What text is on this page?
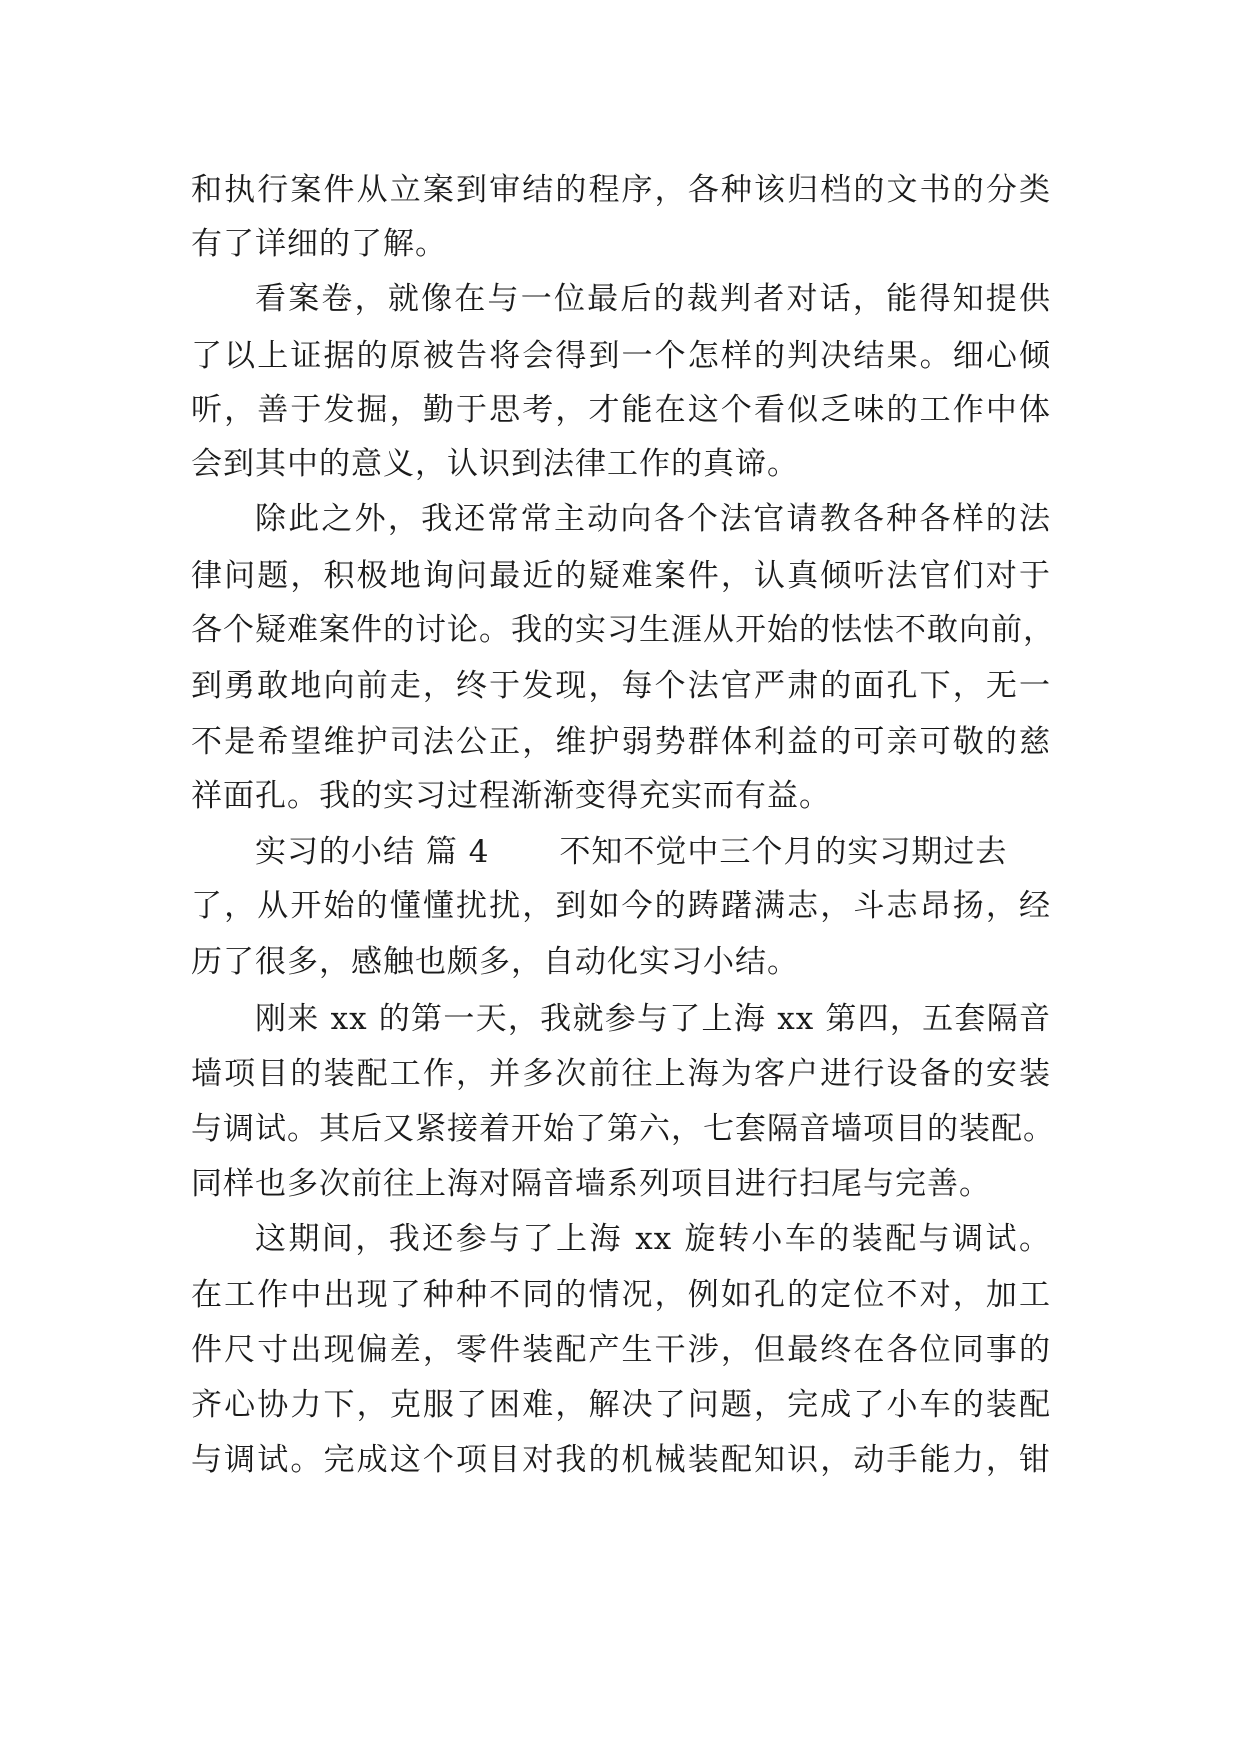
和执行案件从立案到审结的程序，各种该归档的文书的分类
有了详细的了解。
看案卷，就像在与一位最后的裁判者对话，能得知提供
了以上证据的原被告将会得到一个怎样的判决结果。细心倾
听，善于发掘，勤于思考，才能在这个看似乏味的工作中体
会到其中的意义，认识到法律工作的真谛。
除此之外，我还常常主动向各个法官请教各种各样的法
律问题，积极地询问最近的疑难案件，认真倾听法官们对于
各个疑难案件的讨论。我的实习生涯从开始的怯怯不敢向前，
到勇敢地向前走，终于发现，每个法官严肃的面孔下，无一
不是希望维护司法公正，维护弱势群体利益的可亲可敬的慈
祥面孔。我的实习过程渐渐变得充实而有益。
实习的小结 篇 4 不知不觉中三个月的实习期过去
了，从开始的懂懂扰扰，到如今的踌躇满志，斗志昂扬，经
历了很多，感触也颇多，自动化实习小结。
刚来 xx 的第一天，我就参与了上海 xx 第四，五套隔音
墙项目的装配工作，并多次前往上海为客户进行设备的安装
与调试。其后又紧接着开始了第六，七套隔音墙项目的装配。
同样也多次前往上海对隔音墙系列项目进行扫尾与完善。
这期间，我还参与了上海 xx 旋转小车的装配与调试。
在工作中出现了种种不同的情况，例如孔的定位不对，加工
件尺寸出现偏差，零件装配产生干涉，但最终在各位同事的
齐心协力下，克服了困难，解决了问题，完成了小车的装配
与调试。完成这个项目对我的机械装配知识，动手能力，钳
